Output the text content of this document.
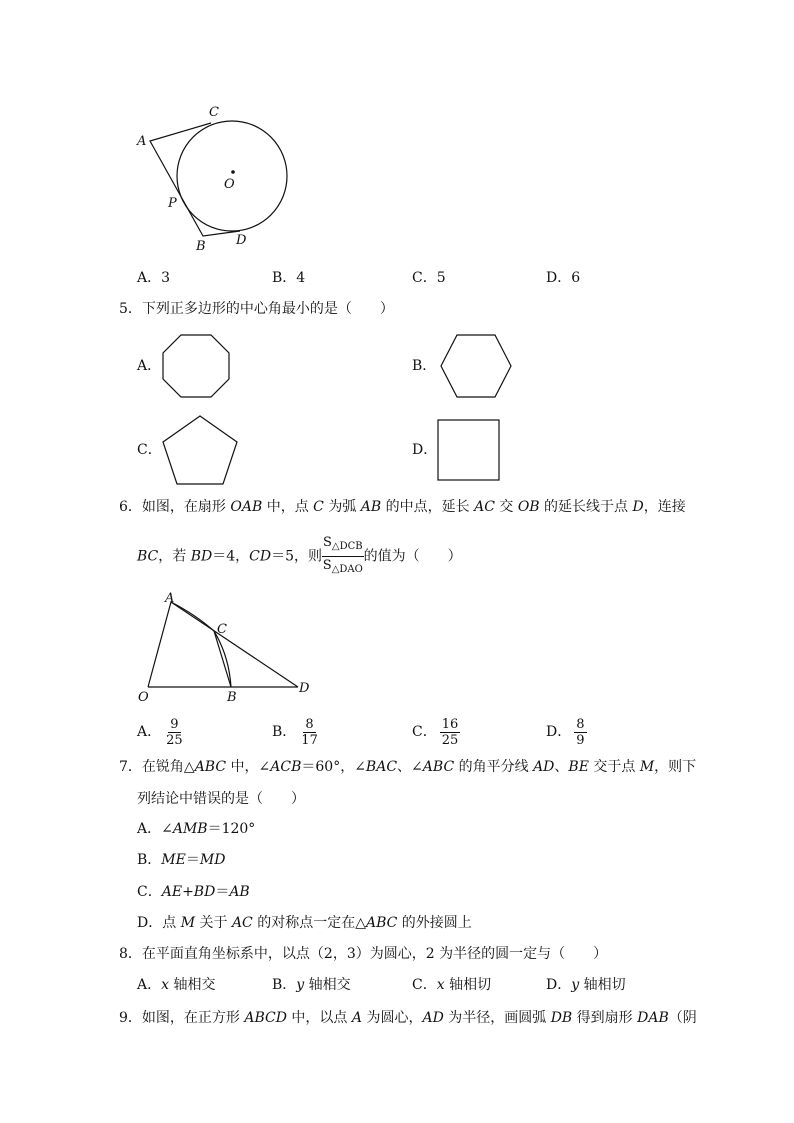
C
A
O
P
B D
A．3	B．4	C．5	D．6
5．下列正多边形的中心角最小的是（　　）
A．	B．
C．	D．
6．如图，在扇形 OAB 中，点 C 为弧 AB 的中点，延长 AC 交 OB 的延长线于点 D，连接
BC，若 BD＝4，CD＝5，则 $\frac{S_{\triangle DCB}}{S_{\triangle DAO}}$ 的值为（　　）
A
C
O	B
D
A． $\frac{9}{25}$	B． $\frac{8}{17}$	C． $\frac{16}{25}$	D． $\frac{8}{9}$
7．在锐角△ABC 中，∠ACB＝60°，∠BAC、∠ABC 的角平分线 AD、BE 交于点 M，则下
列结论中错误的是（　　）
A．∠AMB＝120°
B．ME＝MD
C．AE+BD＝AB
D．点 M 关于 AC 的对称点一定在△ABC 的外接圆上
8．在平面直角坐标系中，以点（2，3）为圆心，2 为半径的圆一定与（　　）
A．x 轴相交	B．y 轴相交	C．x 轴相切	D．y 轴相切
9．如图，在正方形 ABCD 中，以点 A 为圆心，AD 为半径，画圆弧 DB 得到扇形 DAB（阴
